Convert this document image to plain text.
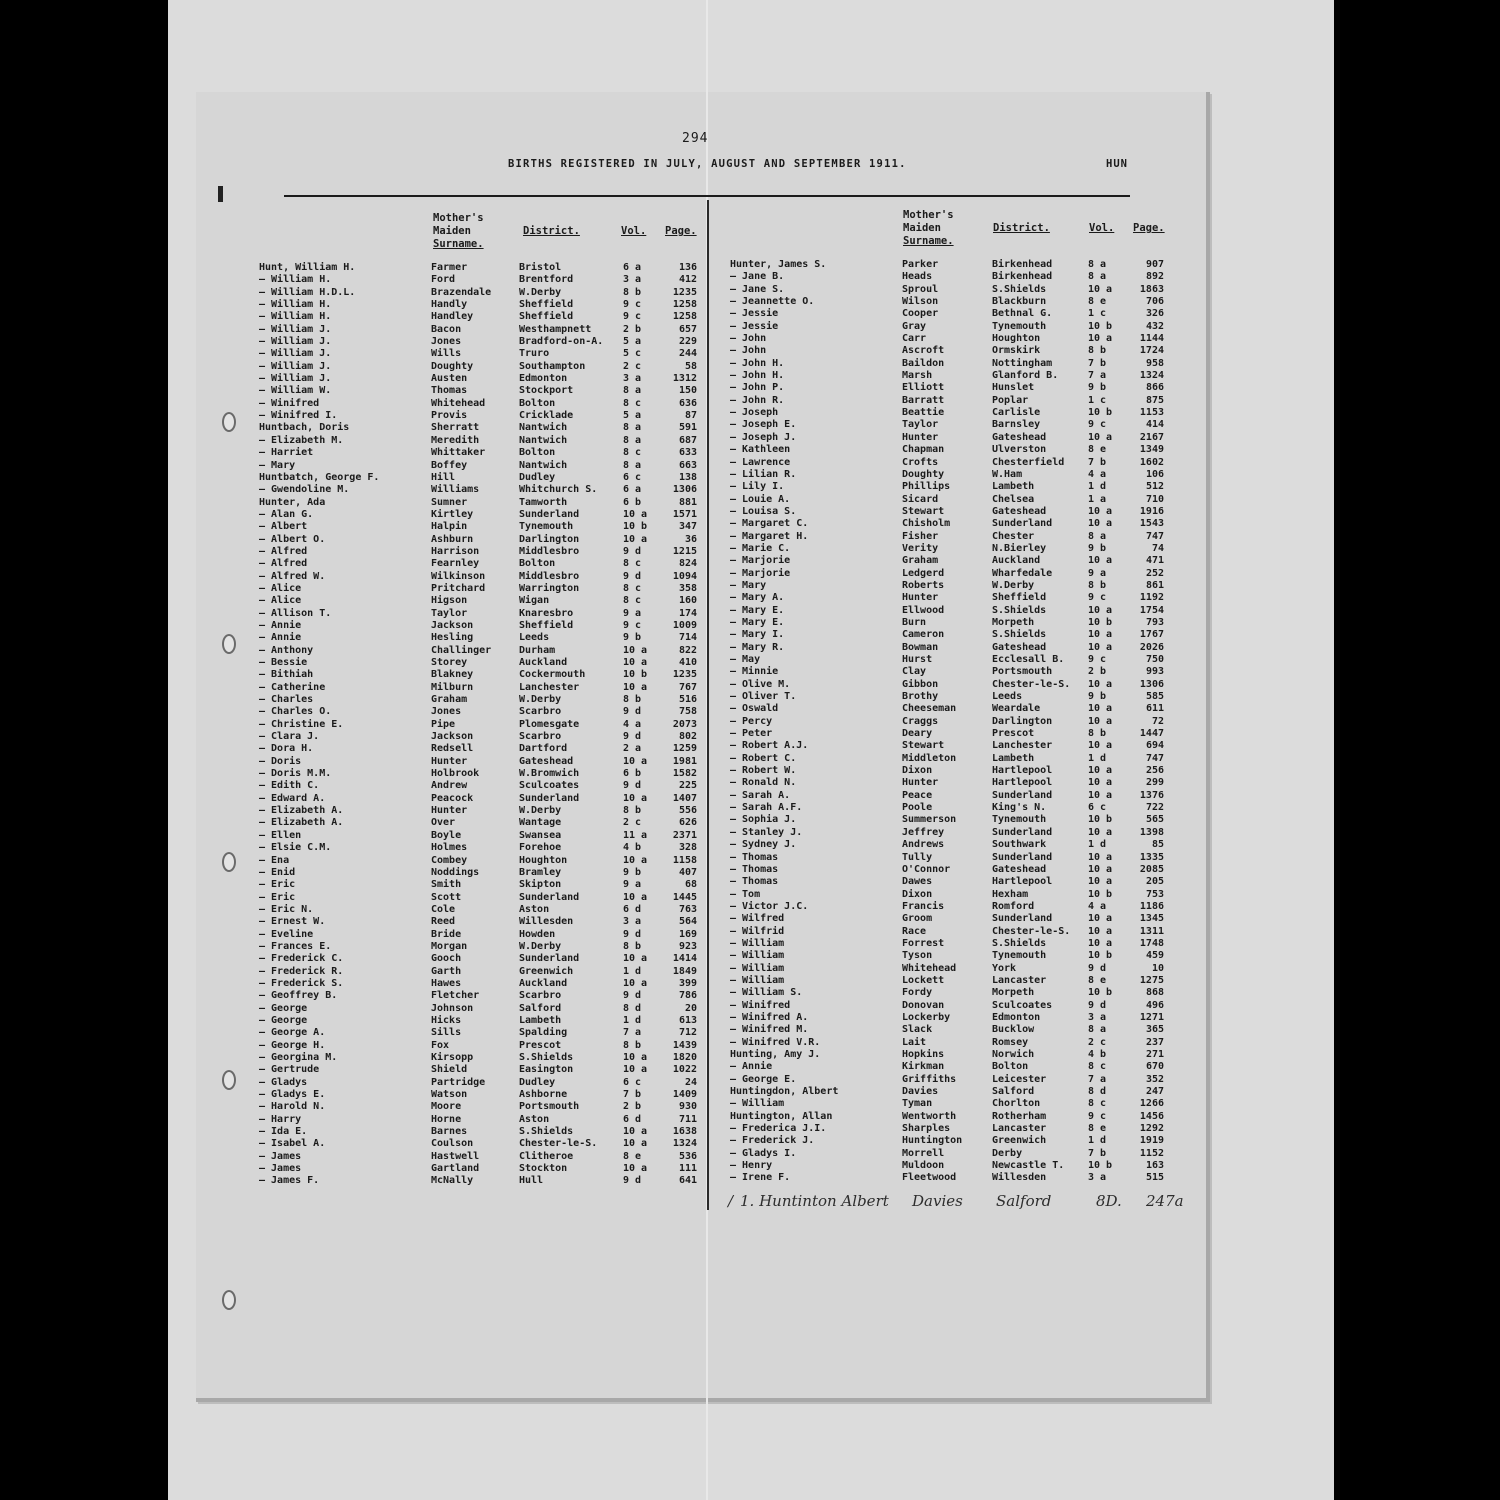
294
BIRTHS REGISTERED IN JULY, AUGUST AND SEPTEMBER 1911.	HUN
Mother's
Maiden
Surname.
District.	Vol. Page.
Mother's
Maiden
Surname.
District.	Vol. Page.
Hunt, William H.	Farmer	Bristol	6 a	136
— William H.	Ford	Brentford	3 a	412
— William H.D.L.	Brazendale	W.Derby	8 b	1235
— William H.	Handly	Sheffield	9 c	1258
— William H.	Handley	Sheffield	9 c	1258
— William J.	Bacon	Westhampnett	2 b	657
— William J.	Jones	Bradford-on-A. 5 a	229
— William J.	Wills	Truro	5 c	244
— William J.	Doughty	Southampton	2 c	58
— William J.	Austen	Edmonton	3 a	1312
— William W.	Thomas	Stockport	8 a	150
— Winifred	Whitehead	Bolton	8 c	636
— Winifred I.	Provis	Cricklade	5 a	87
Huntbach, Doris	Sherratt	Nantwich	8 a	591
— Elizabeth M.	Meredith	Nantwich	8 a	687
— Harriet	Whittaker	Bolton	8 c	633
— Mary	Boffey	Nantwich	8 a	663
Huntbatch, George F.	Hill	Dudley	6 c	138
— Gwendoline M.	Williams	Whitchurch S.	6 a	1306
Hunter, Ada	Sumner	Tamworth	6 b	881
— Alan G.	Kirtley	Sunderland	10 a	1571
— Albert	Halpin	Tynemouth	10 b	347
— Albert O.	Ashburn	Darlington	10 a	36
— Alfred	Harrison	Middlesbro	9 d	1215
— Alfred	Fearnley	Bolton	8 c	824
— Alfred W.	Wilkinson	Middlesbro	9 d	1094
— Alice	Pritchard	Warrington	8 c	358
— Alice	Higson	Wigan	8 c	160
— Allison T.	Taylor	Knaresbro	9 a	174
— Annie	Jackson	Sheffield	9 c	1009
— Annie	Hesling	Leeds	9 b	714
— Anthony	Challinger	Durham	10 a	822
— Bessie	Storey	Auckland	10 a	410
— Bithiah	Blakney	Cockermouth	10 b	1235
— Catherine	Milburn	Lanchester	10 a	767
— Charles	Graham	W.Derby	8 b	516
— Charles O.	Jones	Scarbro	9 d	758
— Christine E.	Pipe	Plomesgate	4 a	2073
— Clara J.	Jackson	Scarbro	9 d	802
— Dora H.	Redsell	Dartford	2 a	1259
— Doris	Hunter	Gateshead	10 a	1981
— Doris M.M.	Holbrook	W.Bromwich	6 b	1582
— Edith C.	Andrew	Sculcoates	9 d	225
— Edward A.	Peacock	Sunderland	10 a	1407
— Elizabeth A.	Hunter	W.Derby	8 b	556
— Elizabeth A.	Over	Wantage	2 c	626
— Ellen	Boyle	Swansea	11 a	2371
— Elsie C.M.	Holmes	Forehoe	4 b	328
— Ena	Combey	Houghton	10 a	1158
— Enid	Noddings	Bramley	9 b	407
— Eric	Smith	Skipton	9 a	68
— Eric	Scott	Sunderland	10 a	1445
— Eric N.	Cole	Aston	6 d	763
— Ernest W.	Reed	Willesden	3 a	564
— Eveline	Bride	Howden	9 d	169
— Frances E.	Morgan	W.Derby	8 b	923
— Frederick C.	Gooch	Sunderland	10 a	1414
— Frederick R.	Garth	Greenwich	1 d	1849
— Frederick S.	Hawes	Auckland	10 a	399
— Geoffrey B.	Fletcher	Scarbro	9 d	786
— George	Johnson	Salford	8 d	20
— George	Hicks	Lambeth	1 d	613
— George A.	Sills	Spalding	7 a	712
— George H.	Fox	Prescot	8 b	1439
— Georgina M.	Kirsopp	S.Shields	10 a	1820
— Gertrude	Shield	Easington	10 a	1022
— Gladys	Partridge	Dudley	6 c	24
— Gladys E.	Watson	Ashborne	7 b	1409
— Harold N.	Moore	Portsmouth	2 b	930
— Harry	Horne	Aston	6 d	711
— Ida E.	Barnes	S.Shields	10 a	1638
— Isabel A.	Coulson	Chester-le-S.	10 a	1324
— James	Hastwell	Clitheroe	8 e	536
— James	Gartland	Stockton	10 a	111
— James F.	McNally	Hull	9 d	641
Hunter, James S.	Parker	Birkenhead	8 a	907
— Jane B.	Heads	Birkenhead	8 a	892
— Jane S.	Sproul	S.Shields	10 a	1863
— Jeannette O.	Wilson	Blackburn	8 e	706
— Jessie	Cooper	Bethnal G.	1 c	326
— Jessie	Gray	Tynemouth	10 b	432
— John	Carr	Houghton	10 a	1144
— John	Ascroft	Ormskirk	8 b	1724
— John H.	Baildon	Nottingham	7 b	958
— John H.	Marsh	Glanford B.	7 a	1324
— John P.	Elliott	Hunslet	9 b	866
— John R.	Barratt	Poplar	1 c	875
— Joseph	Beattie	Carlisle	10 b	1153
— Joseph E.	Taylor	Barnsley	9 c	414
— Joseph J.	Hunter	Gateshead	10 a	2167
— Kathleen	Chapman	Ulverston	8 e	1349
— Lawrence	Crofts	Chesterfield 7 b	1602
— Lilian R.	Doughty	W.Ham	4 a	106
— Lily I.	Phillips	Lambeth	1 d	512
— Louie A.	Sicard	Chelsea	1 a	710
— Louisa S.	Stewart	Gateshead	10 a	1916
— Margaret C.	Chisholm	Sunderland	10 a	1543
— Margaret H.	Fisher	Chester	8 a	747
— Marie C.	Verity	N.Bierley	9 b	74
— Marjorie	Graham	Auckland	10 a	471
— Marjorie	Ledgerd	Wharfedale	9 a	252
— Mary	Roberts	W.Derby	8 b	861
— Mary A.	Hunter	Sheffield	9 c	1192
— Mary E.	Ellwood	S.Shields	10 a	1754
— Mary E.	Burn	Morpeth	10 b	793
— Mary I.	Cameron	S.Shields	10 a	1767
— Mary R.	Bowman	Gateshead	10 a	2026
— May	Hurst	Ecclesall B. 9 c	750
— Minnie	Clay	Portsmouth	2 b	993
— Olive M.	Gibbon	Chester-le-S. 10 a	1306
— Oliver T.	Brothy	Leeds	9 b	585
— Oswald	Cheeseman	Weardale	10 a	611
— Percy	Craggs	Darlington	10 a	72
— Peter	Deary	Prescot	8 b	1447
— Robert A.J.	Stewart	Lanchester	10 a	694
— Robert C.	Middleton	Lambeth	1 d	747
— Robert W.	Dixon	Hartlepool	10 a	256
— Ronald N.	Hunter	Hartlepool	10 a	299
— Sarah A.	Peace	Sunderland	10 a	1376
— Sarah A.F.	Poole	King's N.	6 c	722
— Sophia J.	Summerson	Tynemouth	10 b	565
— Stanley J.	Jeffrey	Sunderland	10 a	1398
— Sydney J.	Andrews	Southwark	1 d	85
— Thomas	Tully	Sunderland	10 a	1335
— Thomas	O'Connor	Gateshead	10 a	2085
— Thomas	Dawes	Hartlepool	10 a	205
— Tom	Dixon	Hexham	10 b	753
— Victor J.C.	Francis	Romford	4 a	1186
— Wilfred	Groom	Sunderland	10 a	1345
— Wilfrid	Race	Chester-le-S. 10 a	1311
— William	Forrest	S.Shields	10 a	1748
— William	Tyson	Tynemouth	10 b	459
— William	Whitehead	York	9 d	10
— William	Lockett	Lancaster	8 e	1275
— William S.	Fordy	Morpeth	10 b	868
— Winifred	Donovan	Sculcoates	9 d	496
— Winifred A.	Lockerby	Edmonton	3 a	1271
— Winifred M.	Slack	Bucklow	8 a	365
— Winifred V.R.	Lait	Romsey	2 c	237
Hunting, Amy J.	Hopkins	Norwich	4 b	271
— Annie	Kirkman	Bolton	8 c	670
— George E.	Griffiths	Leicester	7 a	352
Huntingdon, Albert	Davies	Salford	8 d	247
— William	Tyman	Chorlton	8 c	1266
Huntington, Allan	Wentworth	Rotherham	9 c	1456
— Frederica J.I.	Sharples	Lancaster	8 e	1292
— Frederick J.	Huntington	Greenwich	1 d	1919
— Gladys I.	Morrell	Derby	7 b	1152
— Henry	Muldoon	Newcastle T. 10 b	163
— Irene F.	Fleetwood	Willesden	3 a	515
/ 1. Huntinton Albert Davies Salford	8D. 247a
